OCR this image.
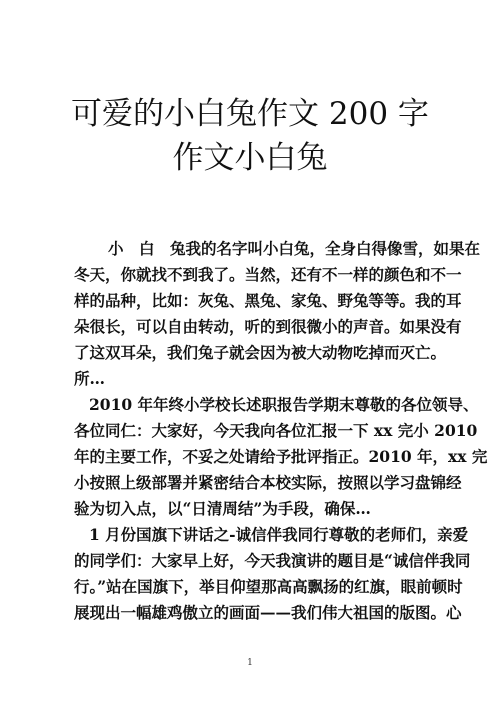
可爱的小白兔作文 200 字
作文小白兔
小　白　兔我的名字叫小白兔，全身白得像雪，如果在
冬天，你就找不到我了。当然，还有不一样的颜色和不一
样的品种，比如：灰兔、黑兔、家兔、野兔等等。我的耳
朵很长，可以自由转动，听的到很微小的声音。如果没有
了这双耳朵，我们兔子就会因为被大动物吃掉而灭亡。
所…
2010 年年终小学校长述职报告学期末尊敬的各位领导、
各位同仁：大家好，今天我向各位汇报一下 xx 完小 2010
年的主要工作，不妥之处请给予批评指正。2010 年，xx 完
小按照上级部署并紧密结合本校实际，按照以学习盘锦经
验为切入点，以“日清周结”为手段，确保…
1 月份国旗下讲话之-诚信伴我同行尊敬的老师们，亲爱
的同学们：大家早上好，今天我演讲的题目是“诚信伴我同
行。”站在国旗下，举目仰望那高高飘扬的红旗，眼前顿时
展现出一幅雄鸡傲立的画面——我们伟大祖国的版图。心
1
